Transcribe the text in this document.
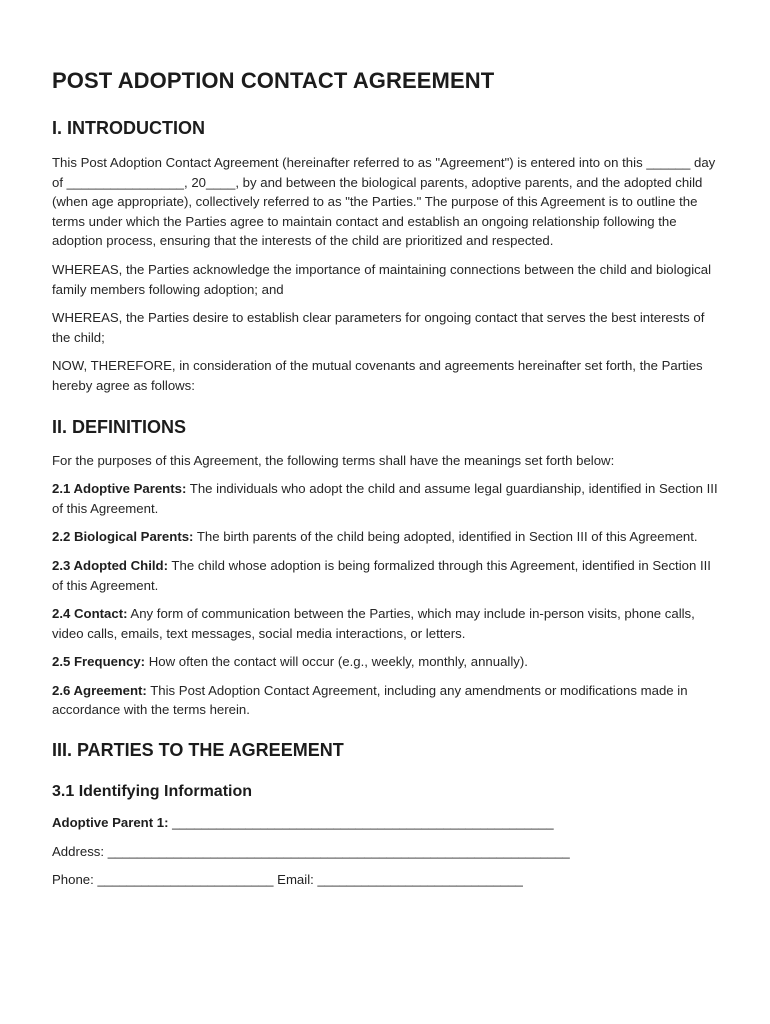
POST ADOPTION CONTACT AGREEMENT
I. INTRODUCTION

This Post Adoption Contact Agreement (hereinafter referred to as "Agreement") is entered into on this ______ day of ________________, 20____, by and between the biological parents, adoptive parents, and the adopted child (when age appropriate), collectively referred to as "the Parties." The purpose of this Agreement is to outline the terms under which the Parties agree to maintain contact and establish an ongoing relationship following the adoption process, ensuring that the interests of the child are prioritized and respected.

WHEREAS, the Parties acknowledge the importance of maintaining connections between the child and biological family members following adoption; and

WHEREAS, the Parties desire to establish clear parameters for ongoing contact that serves the best interests of the child;

NOW, THEREFORE, in consideration of the mutual covenants and agreements hereinafter set forth, the Parties hereby agree as follows:

II. DEFINITIONS

For the purposes of this Agreement, the following terms shall have the meanings set forth below:

2.1 Adoptive Parents: The individuals who adopt the child and assume legal guardianship, identified in Section III of this Agreement.

2.2 Biological Parents: The birth parents of the child being adopted, identified in Section III of this Agreement.

2.3 Adopted Child: The child whose adoption is being formalized through this Agreement, identified in Section III of this Agreement.

2.4 Contact: Any form of communication between the Parties, which may include in-person visits, phone calls, video calls, emails, text messages, social media interactions, or letters.

2.5 Frequency: How often the contact will occur (e.g., weekly, monthly, annually).

2.6 Agreement: This Post Adoption Contact Agreement, including any amendments or modifications made in accordance with the terms herein.

III. PARTIES TO THE AGREEMENT
3.1 Identifying Information
Adoptive Parent 1: ____________________________________________________
Address: _______________________________________________________________
Phone: ________________________ Email: ____________________________
